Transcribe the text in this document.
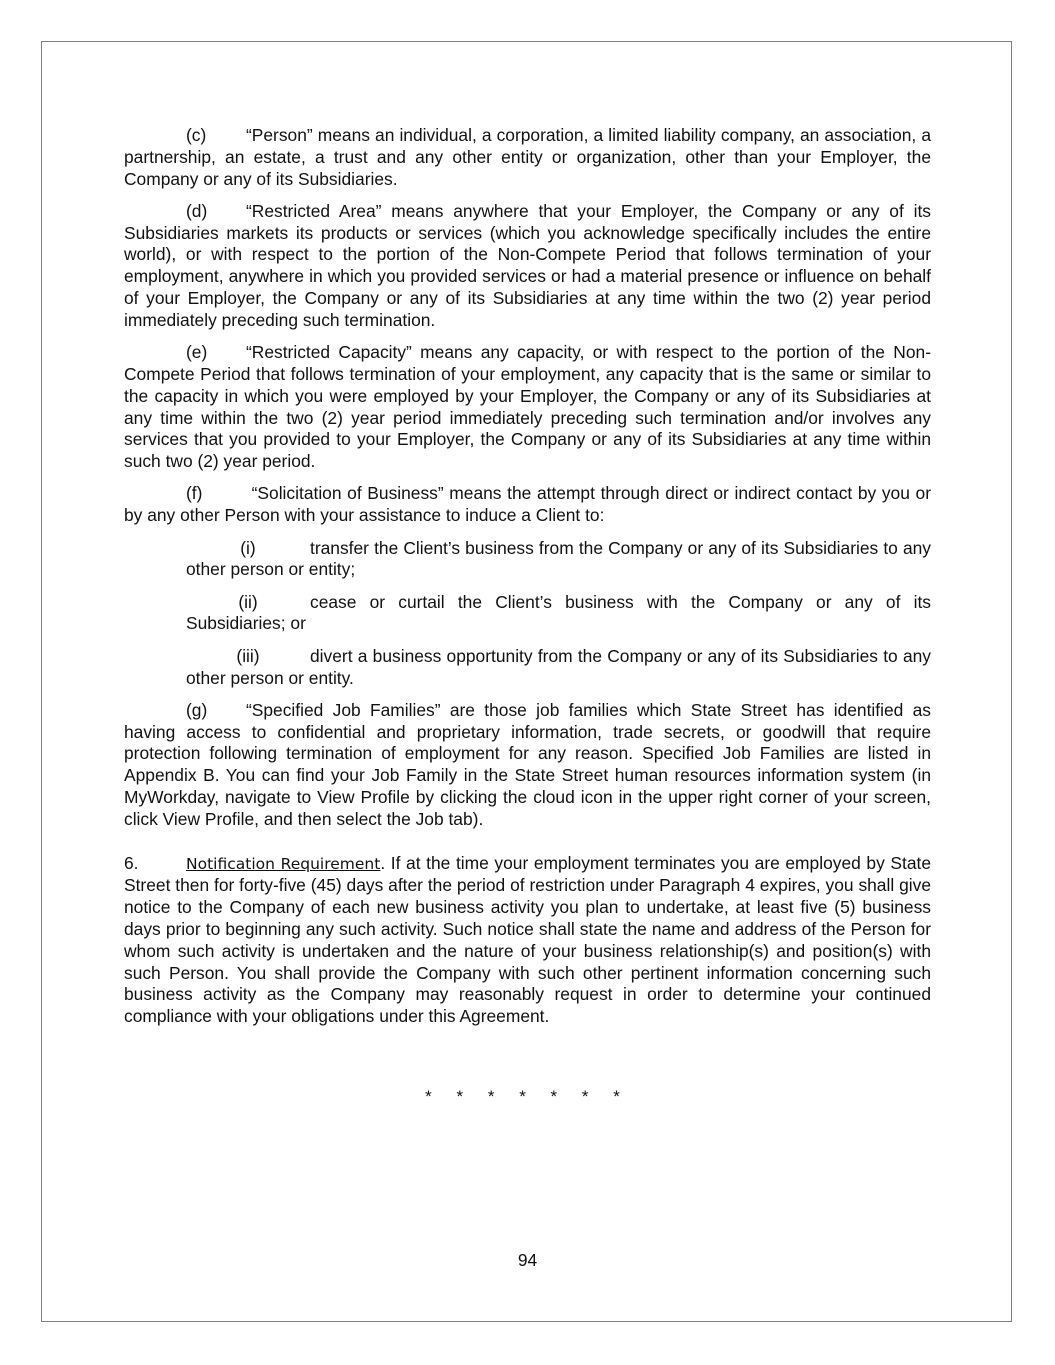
(c) “Person” means an individual, a corporation, a limited liability company, an association, a partnership, an estate, a trust and any other entity or organization, other than your Employer, the Company or any of its Subsidiaries.

(d) “Restricted Area” means anywhere that your Employer, the Company or any of its Subsidiaries markets its products or services (which you acknowledge specifically includes the entire world), or with respect to the portion of the Non-Compete Period that follows termination of your employment, anywhere in which you provided services or had a material presence or influence on behalf of your Employer, the Company or any of its Subsidiaries at any time within the two (2) year period immediately preceding such termination.

(e) “Restricted Capacity” means any capacity, or with respect to the portion of the Non-Compete Period that follows termination of your employment, any capacity that is the same or similar to the capacity in which you were employed by your Employer, the Company or any of its Subsidiaries at any time within the two (2) year period immediately preceding such termination and/or involves any services that you provided to your Employer, the Company or any of its Subsidiaries at any time within such two (2) year period.

(f)	“Solicitation of Business” means the attempt through direct or indirect contact by you or by any other Person with your assistance to induce a Client to:

(i)	transfer the Client’s business from the Company or any of its Subsidiaries to any other person or entity;

(ii)	cease or curtail the Client’s business with the Company or any of its Subsidiaries; or

(iii)	divert a business opportunity from the Company or any of its Subsidiaries to any other person or entity.

(g) “Specified Job Families” are those job families which State Street has identified as having access to confidential and proprietary information, trade secrets, or goodwill that require protection following termination of employment for any reason. Specified Job Families are listed in Appendix B. You can find your Job Family in the State Street human resources information system (in MyWorkday, navigate to View Profile by clicking the cloud icon in the upper right corner of your screen, click View Profile, and then select the Job tab).

6.	Notification Requirement. If at the time your employment terminates you are employed by State Street then for forty-five (45) days after the period of restriction under Paragraph 4 expires, you shall give notice to the Company of each new business activity you plan to undertake, at least five (5) business days prior to beginning any such activity. Such notice shall state the name and address of the Person for whom such activity is undertaken and the nature of your business relationship(s) and position(s) with such Person. You shall provide the Company with such other pertinent information concerning such business activity as the Company may reasonably request in order to determine your continued compliance with your obligations under this Agreement.

* * * * * * *
94
